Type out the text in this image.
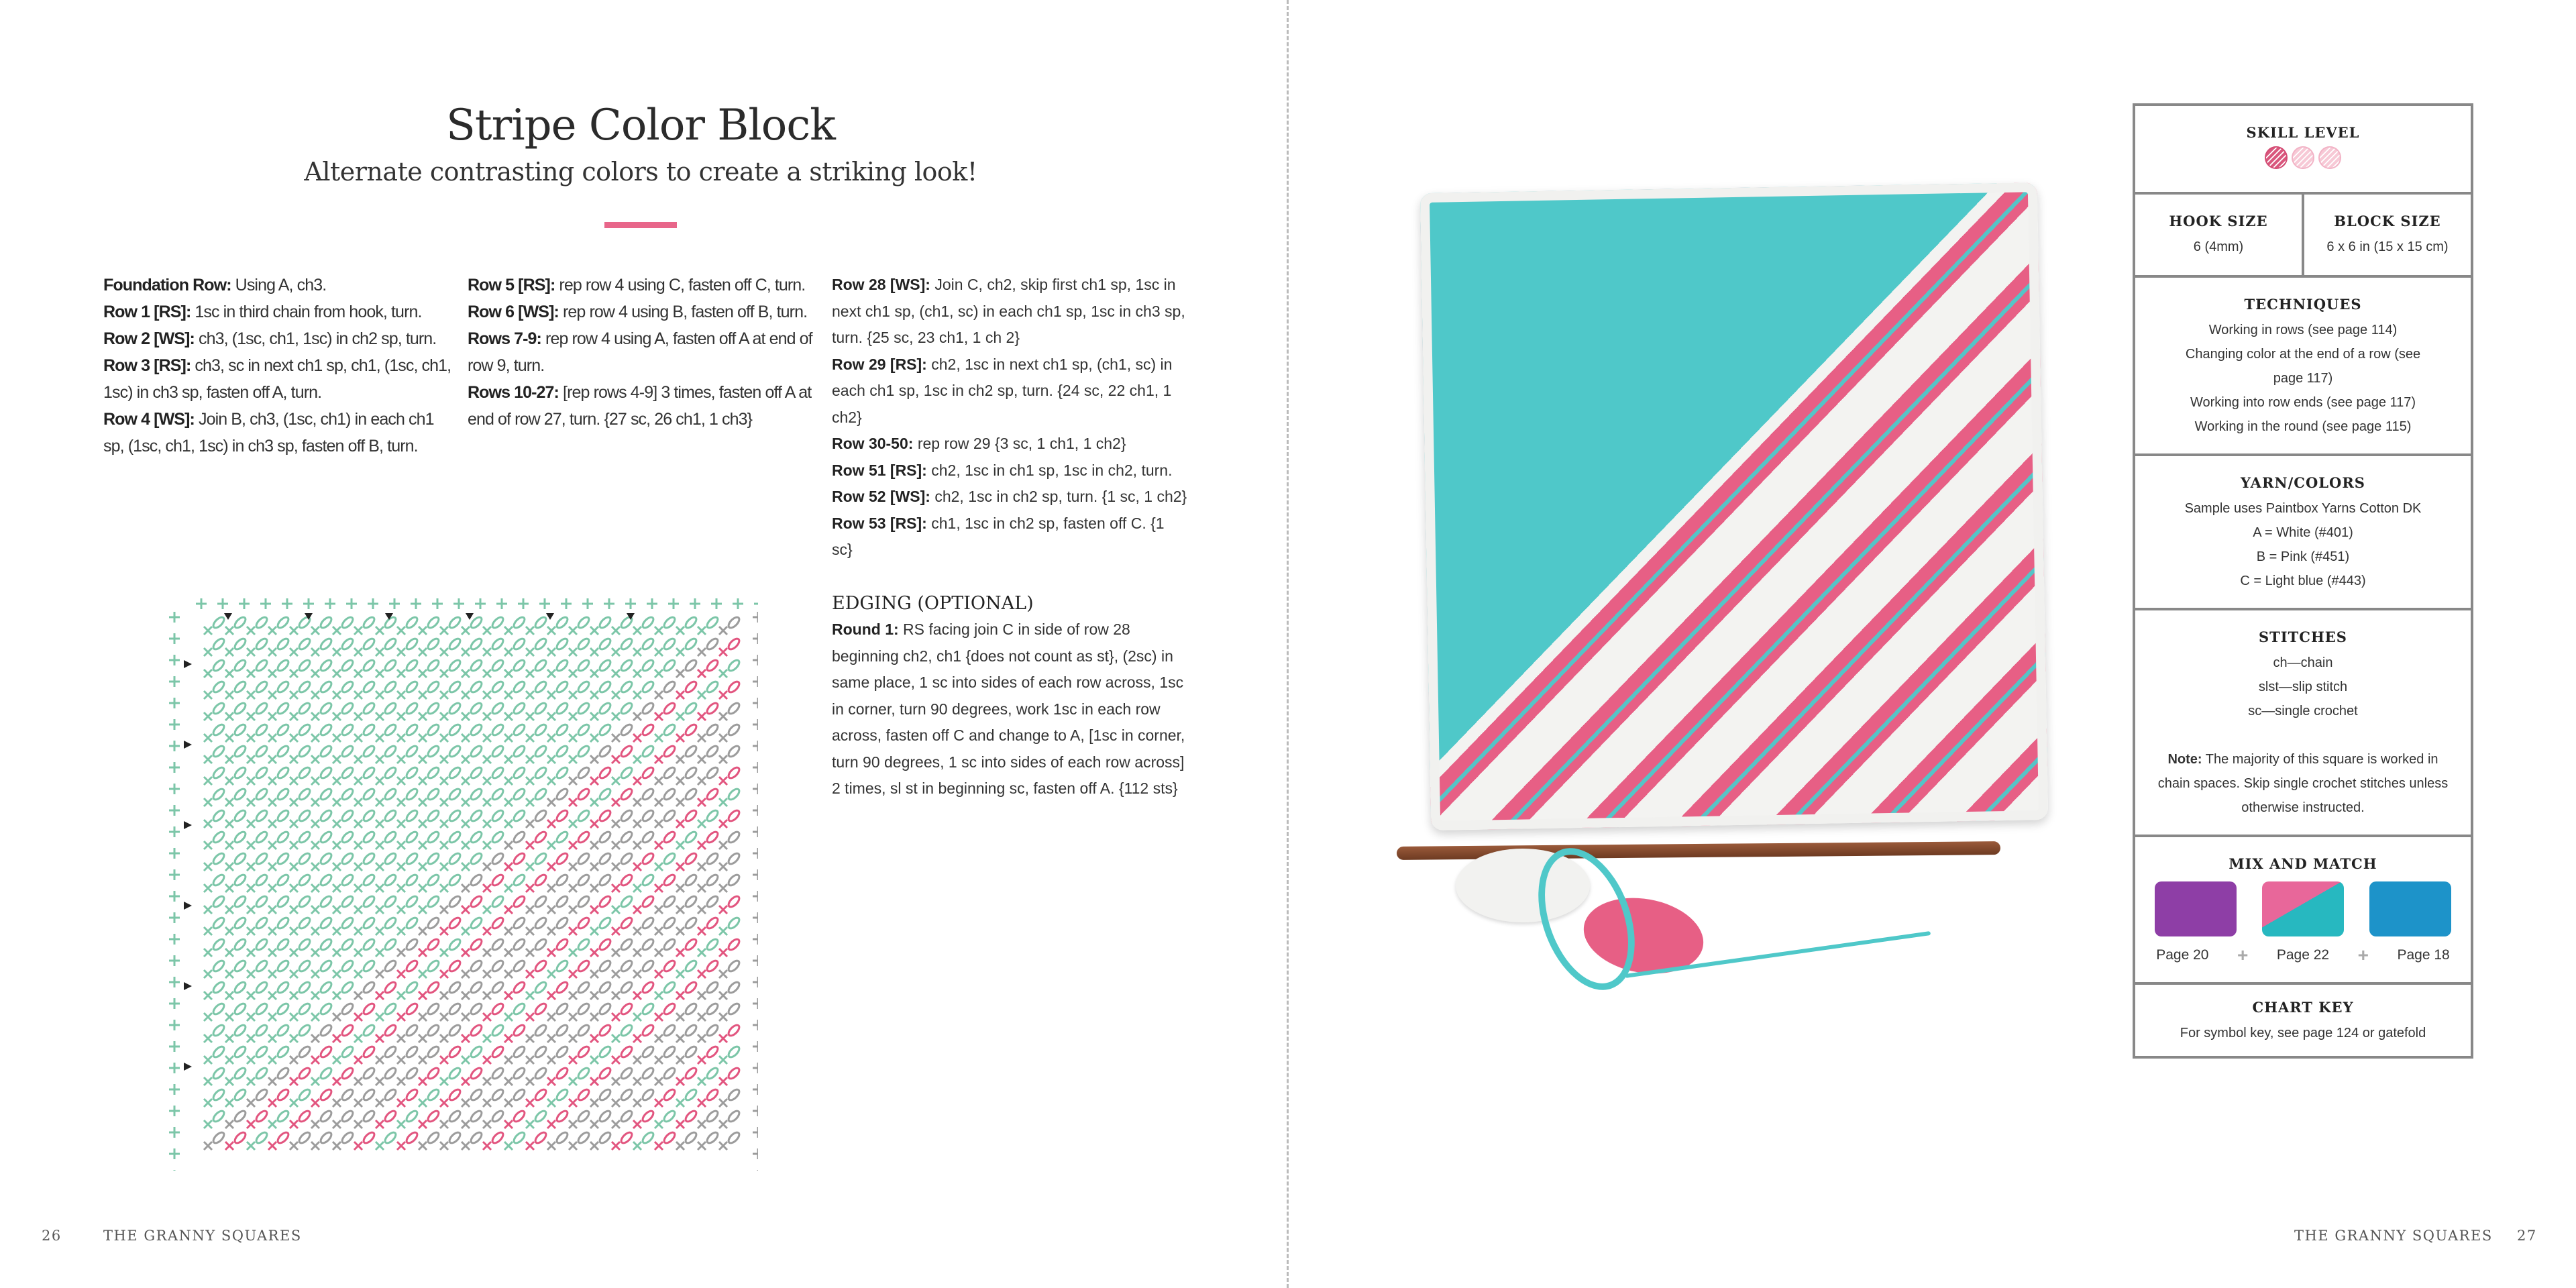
Stripe Color Block
Alternate contrasting colors to create a striking look!

Foundation Row: Using A, ch3.

Row 1 [RS]: 1sc in third chain from hook, turn.

Row 2 [WS]: ch3, (1sc, ch1, 1sc) in ch2 sp, turn.

Row 3 [RS]: ch3, sc in next ch1 sp, ch1, (1sc, ch1, 1sc) in ch3 sp, fasten off A, turn.

Row 4 [WS]: Join B, ch3, (1sc, ch1) in each ch1 sp, (1sc, ch1, 1sc) in ch3 sp, fasten off B, turn.

Row 5 [RS]: rep row 4 using C, fasten off C, turn.

Row 6 [WS]: rep row 4 using B, fasten off B, turn.

Rows 7-9: rep row 4 using A, fasten off A at end of row 9, turn.

Rows 10-27: [rep rows 4-9] 3 times, fasten off A at end of row 27, turn. {27 sc, 26 ch1, 1 ch3}

Row 28 [WS]: Join C, ch2, skip first ch1 sp, 1sc in next ch1 sp, (ch1, sc) in each ch1 sp, 1sc in ch3 sp, turn. {25 sc, 23 ch1, 1 ch 2}

Row 29 [RS]: ch2, 1sc in next ch1 sp, (ch1, sc) in each ch1 sp, 1sc in ch2 sp, turn. {24 sc, 22 ch1, 1 ch2}

Row 30-50: rep row 29 {3 sc, 1 ch1, 1 ch2}

Row 51 [RS]: ch2, 1sc in ch1 sp, 1sc in ch2, turn.

Row 52 [WS]: ch2, 1sc in ch2 sp, turn. {1 sc, 1 ch2}

Row 53 [RS]: ch1, 1sc in ch2 sp, fasten off C. {1 sc}

EDGING (OPTIONAL)

Round 1: RS facing join C in side of row 28 beginning ch2, ch1 {does not count as st}, (2sc) in same place, 1 sc into sides of each row across, 1sc in corner, turn 90 degrees, work 1sc in each row across, fasten off C and change to A, [1sc in corner, turn 90 degrees, 1 sc into sides of each row across] 2 times, sl st in beginning sc, fasten off A. {112 sts}

26	THE GRANNY SQUARES
SKILL LEVEL
HOOK SIZE
6 (4mm)
BLOCK SIZE
6 x 6 in (15 x 15 cm)
TECHNIQUES
Working in rows (see page 114)
Changing color at the end of a row (see page 117)
Working into row ends (see page 117)
Working in the round (see page 115)
YARN/COLORS
Sample uses Paintbox Yarns Cotton DK
A = White (#401)
B = Pink (#451)
C = Light blue (#443)
STITCHES
ch—chain
slst—slip stitch
sc—single crochet
Note: The majority of this square is worked in chain spaces. Skip single crochet stitches unless otherwise instructed.
MIX AND MATCH
Page 20 + Page 22 + Page 18
CHART KEY
For symbol key, see page 124 or gatefold
THE GRANNY SQUARES 27
